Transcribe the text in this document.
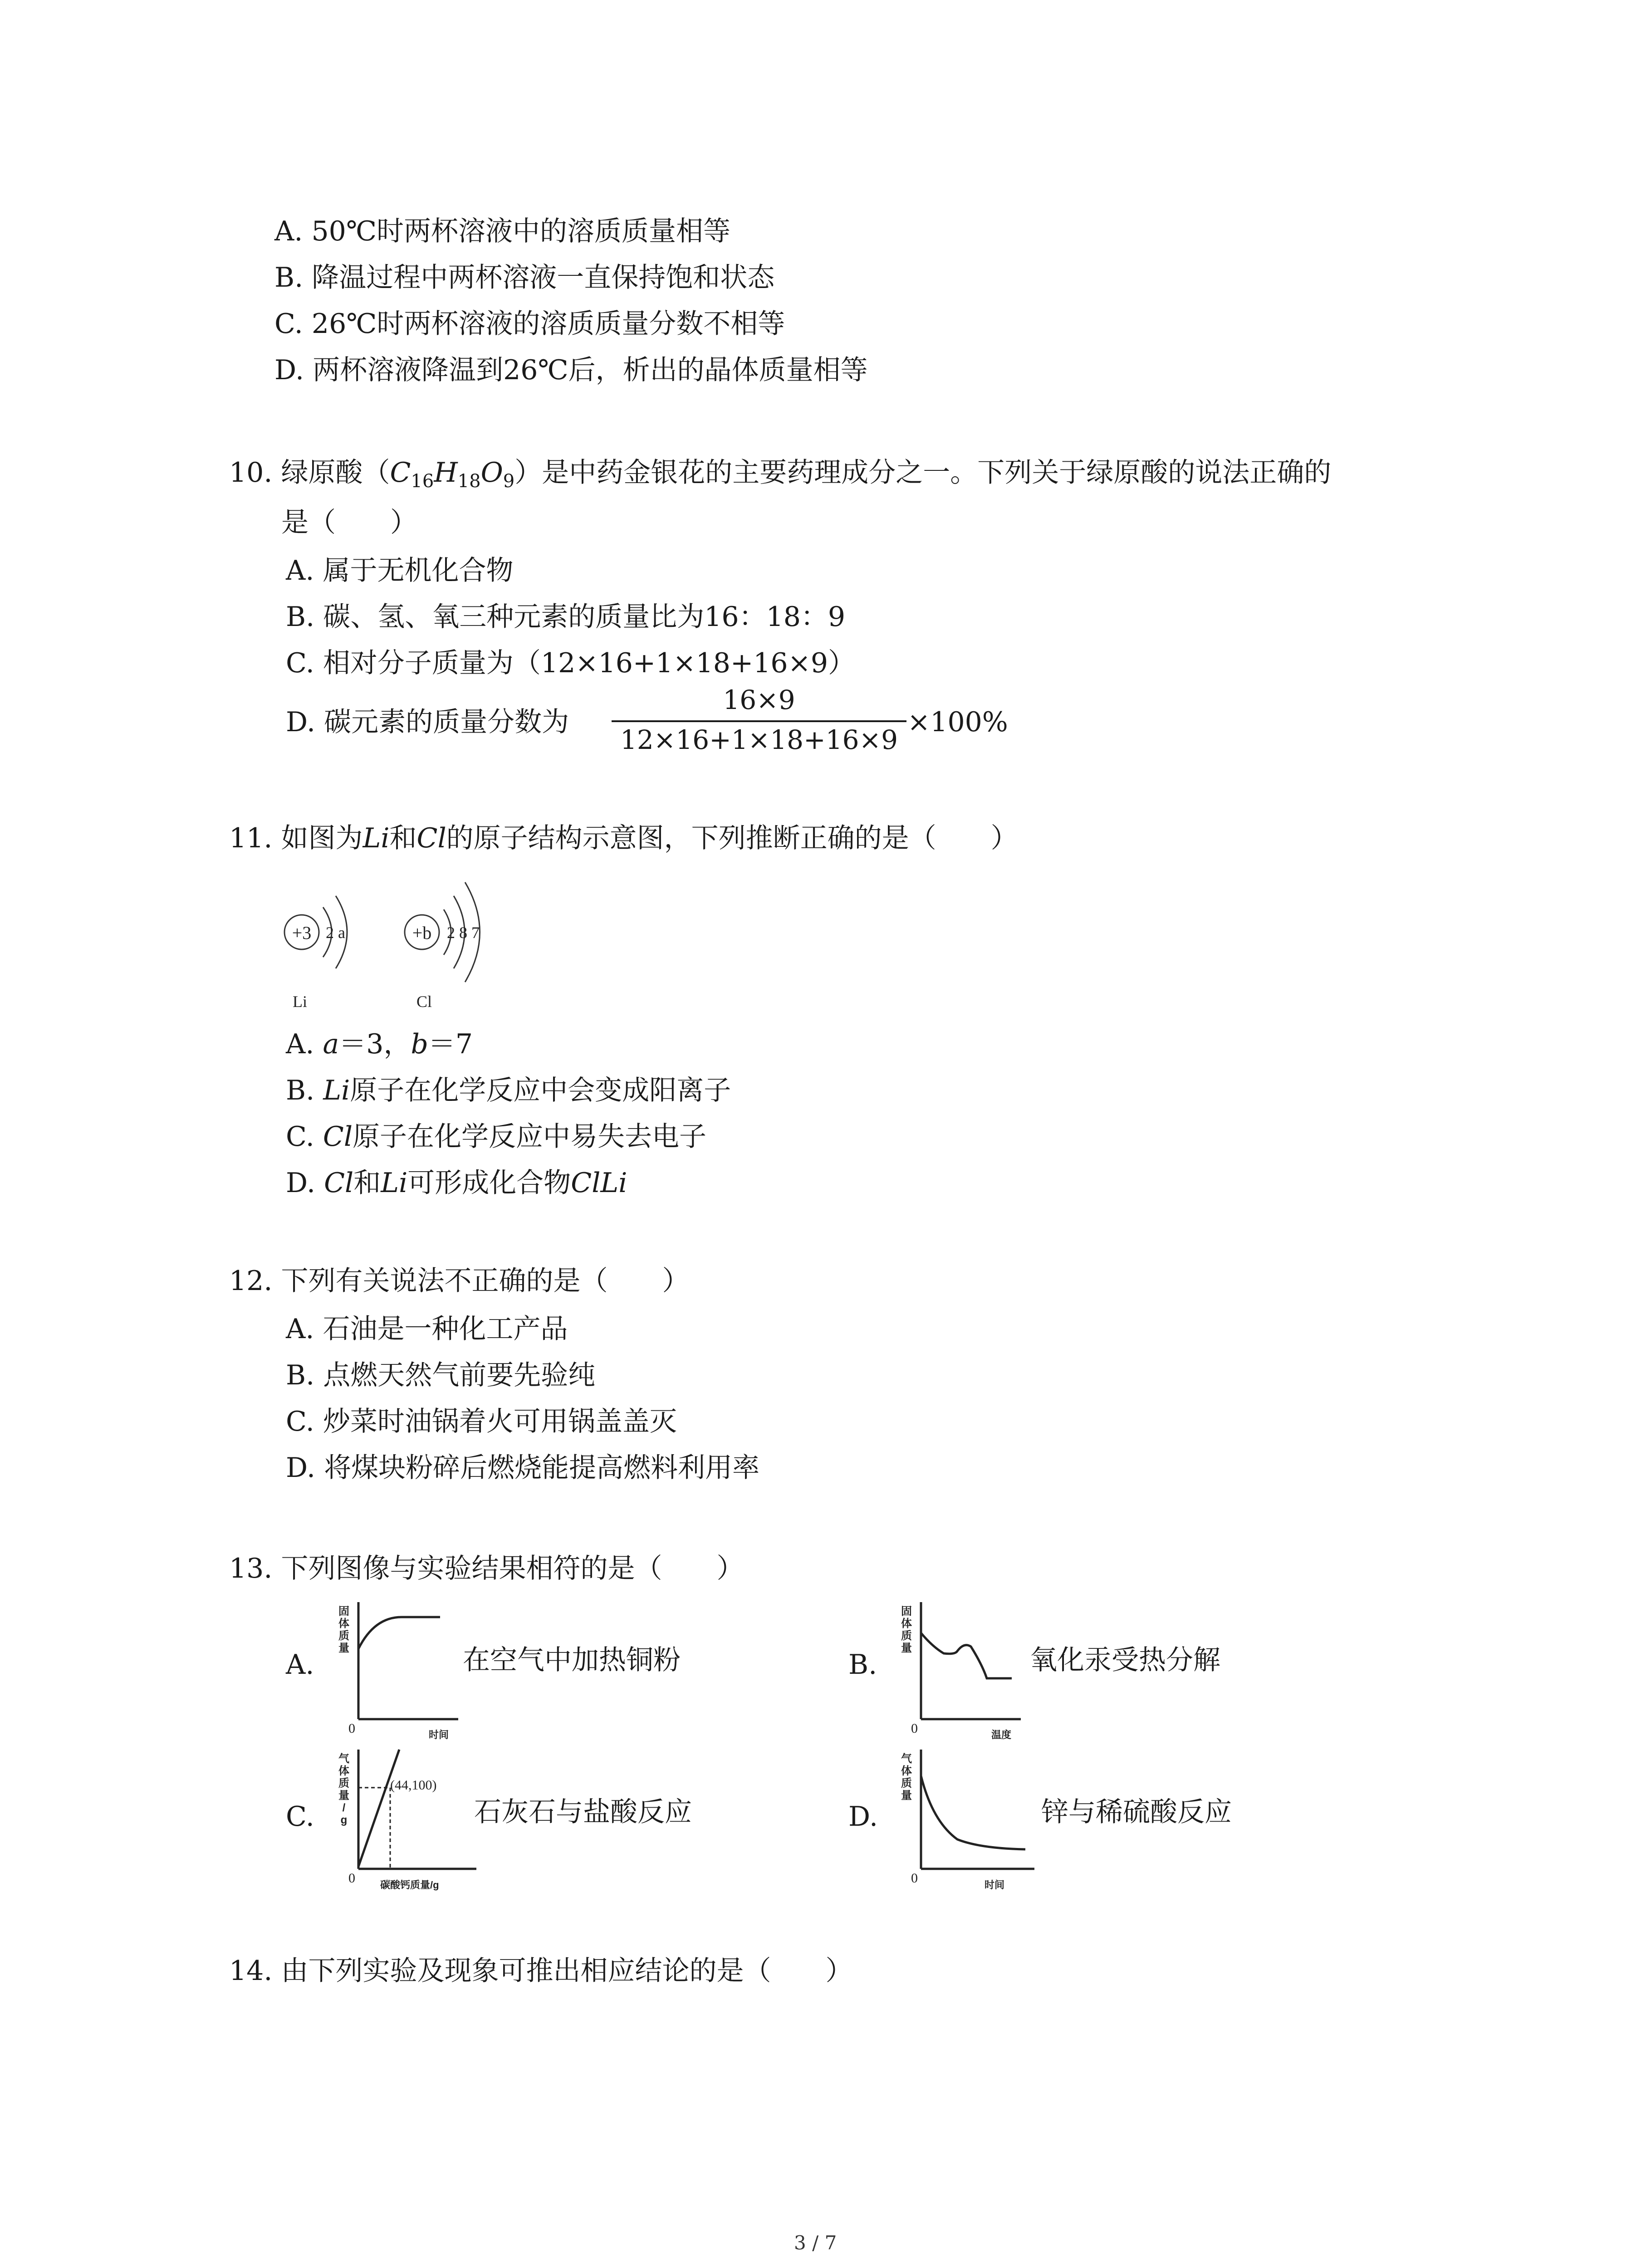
A. 50℃时两杯溶液中的溶质质量相等
B. 降温过程中两杯溶液一直保持饱和状态
C. 26℃时两杯溶液的溶质质量分数不相等
D. 两杯溶液降温到26℃后，析出的晶体质量相等
10. 绿原酸$(C_{16}H_{18}O_9)$是中药金银花的主要药理成分之一。下列关于绿原酸的说法正确的
是（　　）
A. 属于无机化合物
B. 碳、氢、氧三种元素的质量比为16：18：9
C. 相对分子质量为（12×16+1×18+16×9）
D. 碳元素的质量分数为
16×9
12×16+1×18+16×9
×100%
11. 如图为Li和Cl的原子结构示意图，下列推断正确的是（　　）
+3 2 a
Li
+b 2 8 7
Cl
A. a＝3，b＝7
B. Li原子在化学反应中会变成阳离子
C. Cl原子在化学反应中易失去电子
D. Cl和Li可形成化合物ClLi
12. 下列有关说法不正确的是（　　）
A. 石油是一种化工产品
B. 点燃天然气前要先验纯
C. 炒菜时油锅着火可用锅盖盖灭
D. 将煤块粉碎后燃烧能提高燃料利用率
13. 下列图像与实验结果相符的是（　　）
A.
0	时间
固体质量	在空气中加热铜粉	B.
0	温度
固体质量	氧化汞受热分解
C.
(44,100)
0	碳酸钙质量/g
气体质量/ g	石灰石与盐酸反应	D.
0	时间
气体质量
锌与稀硫酸反应
14. 由下列实验及现象可推出相应结论的是（　　）
3 / 7
